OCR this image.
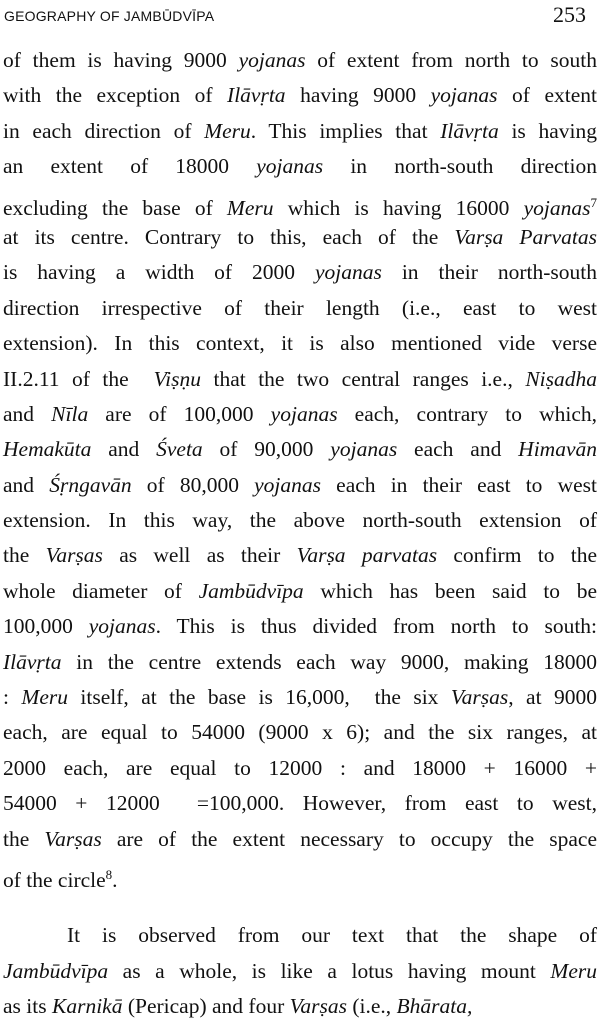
GEOGRAPHY OF JAMBŪDVĪPA	253
of them is having 9000 yojanas of extent from north to south
with the exception of Ilāvṛta having 9000 yojanas of extent
in each direction of Meru. This implies that Ilāvṛta is having
an extent of 18000 yojanas in north-south direction
excluding the base of Meru which is having 16000 yojanas$^7$
at its centre. Contrary to this, each of the Varṣa Parvatas
is having a width of 2000 yojanas in their north-south
direction irrespective of their length (i.e., east to west
extension). In this context, it is also mentioned vide verse
II.2.11 of the  Viṣṇu that the two central ranges i.e., Niṣadha
and Nīla are of 100,000 yojanas each, contrary to which,
Hemakūta and Śveta of 90,000 yojanas each and Himavān
and Śṛngavān of 80,000 yojanas each in their east to west
extension. In this way, the above north-south extension of
the Varṣas as well as their Varṣa parvatas confirm to the
whole diameter of Jambūdvīpa which has been said to be
100,000 yojanas. This is thus divided from north to south:
Ilāvṛta in the centre extends each way 9000, making 18000
: Meru itself, at the base is 16,000,  the six Varṣas, at 9000
each, are equal to 54000 (9000 x 6); and the six ranges, at
2000 each, are equal to 12000 : and 18000 + 16000 +
54000 + 12000  =100,000. However, from east to west,
the Varṣas are of the extent necessary to occupy the space
of the circle$^8$.
It is observed from our text that the shape of
Jambūdvīpa as a whole, is like a lotus having mount Meru
as its Karnikā (Pericap) and four Varṣas (i.e., Bhārata,
